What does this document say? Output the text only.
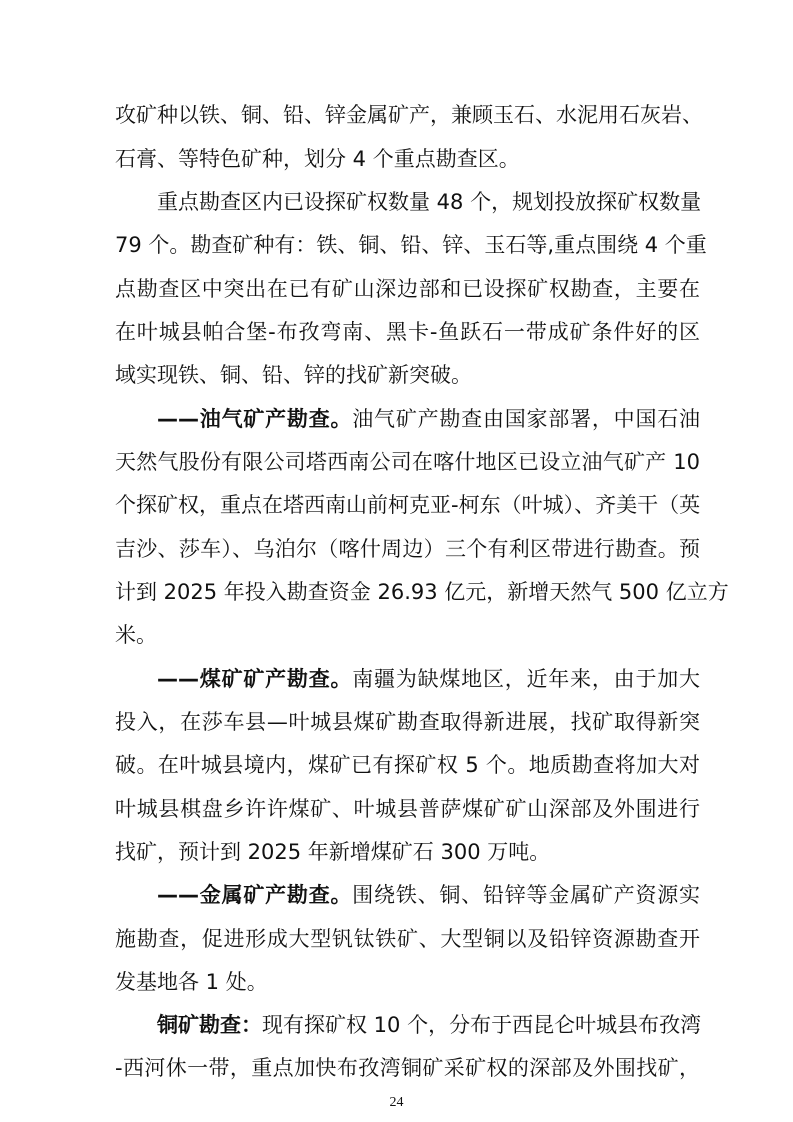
攻矿种以铁、铜、铅、锌金属矿产，兼顾玉石、水泥用石灰岩、
石膏、等特色矿种，划分 4 个重点勘查区。
重点勘查区内已设探矿权数量 48 个，规划投放探矿权数量
79 个。勘查矿种有：铁、铜、铅、锌、玉石等,重点围绕 4 个重
点勘查区中突出在已有矿山深边部和已设探矿权勘查，主要在
在叶城县帕合堡-布孜弯南、黑卡-鱼跃石一带成矿条件好的区
域实现铁、铜、铅、锌的找矿新突破。
——油气矿产勘查。油气矿产勘查由国家部署，中国石油
天然气股份有限公司塔西南公司在喀什地区已设立油气矿产 10
个探矿权，重点在塔西南山前柯克亚-柯东（叶城）、齐美干（英
吉沙、莎车）、乌泊尔（喀什周边）三个有利区带进行勘查。预
计到 2025 年投入勘查资金 26.93 亿元，新增天然气 500 亿立方
米。
——煤矿矿产勘查。南疆为缺煤地区，近年来，由于加大
投入，在莎车县—叶城县煤矿勘查取得新进展，找矿取得新突
破。在叶城县境内，煤矿已有探矿权 5 个。地质勘查将加大对
叶城县棋盘乡许许煤矿、叶城县普萨煤矿矿山深部及外围进行
找矿，预计到 2025 年新增煤矿石 300 万吨。
——金属矿产勘查。围绕铁、铜、铅锌等金属矿产资源实
施勘查，促进形成大型钒钛铁矿、大型铜以及铅锌资源勘查开
发基地各 1 处。
铜矿勘查：现有探矿权 10 个，分布于西昆仑叶城县布孜湾
-西河休一带，重点加快布孜湾铜矿采矿权的深部及外围找矿，
24
